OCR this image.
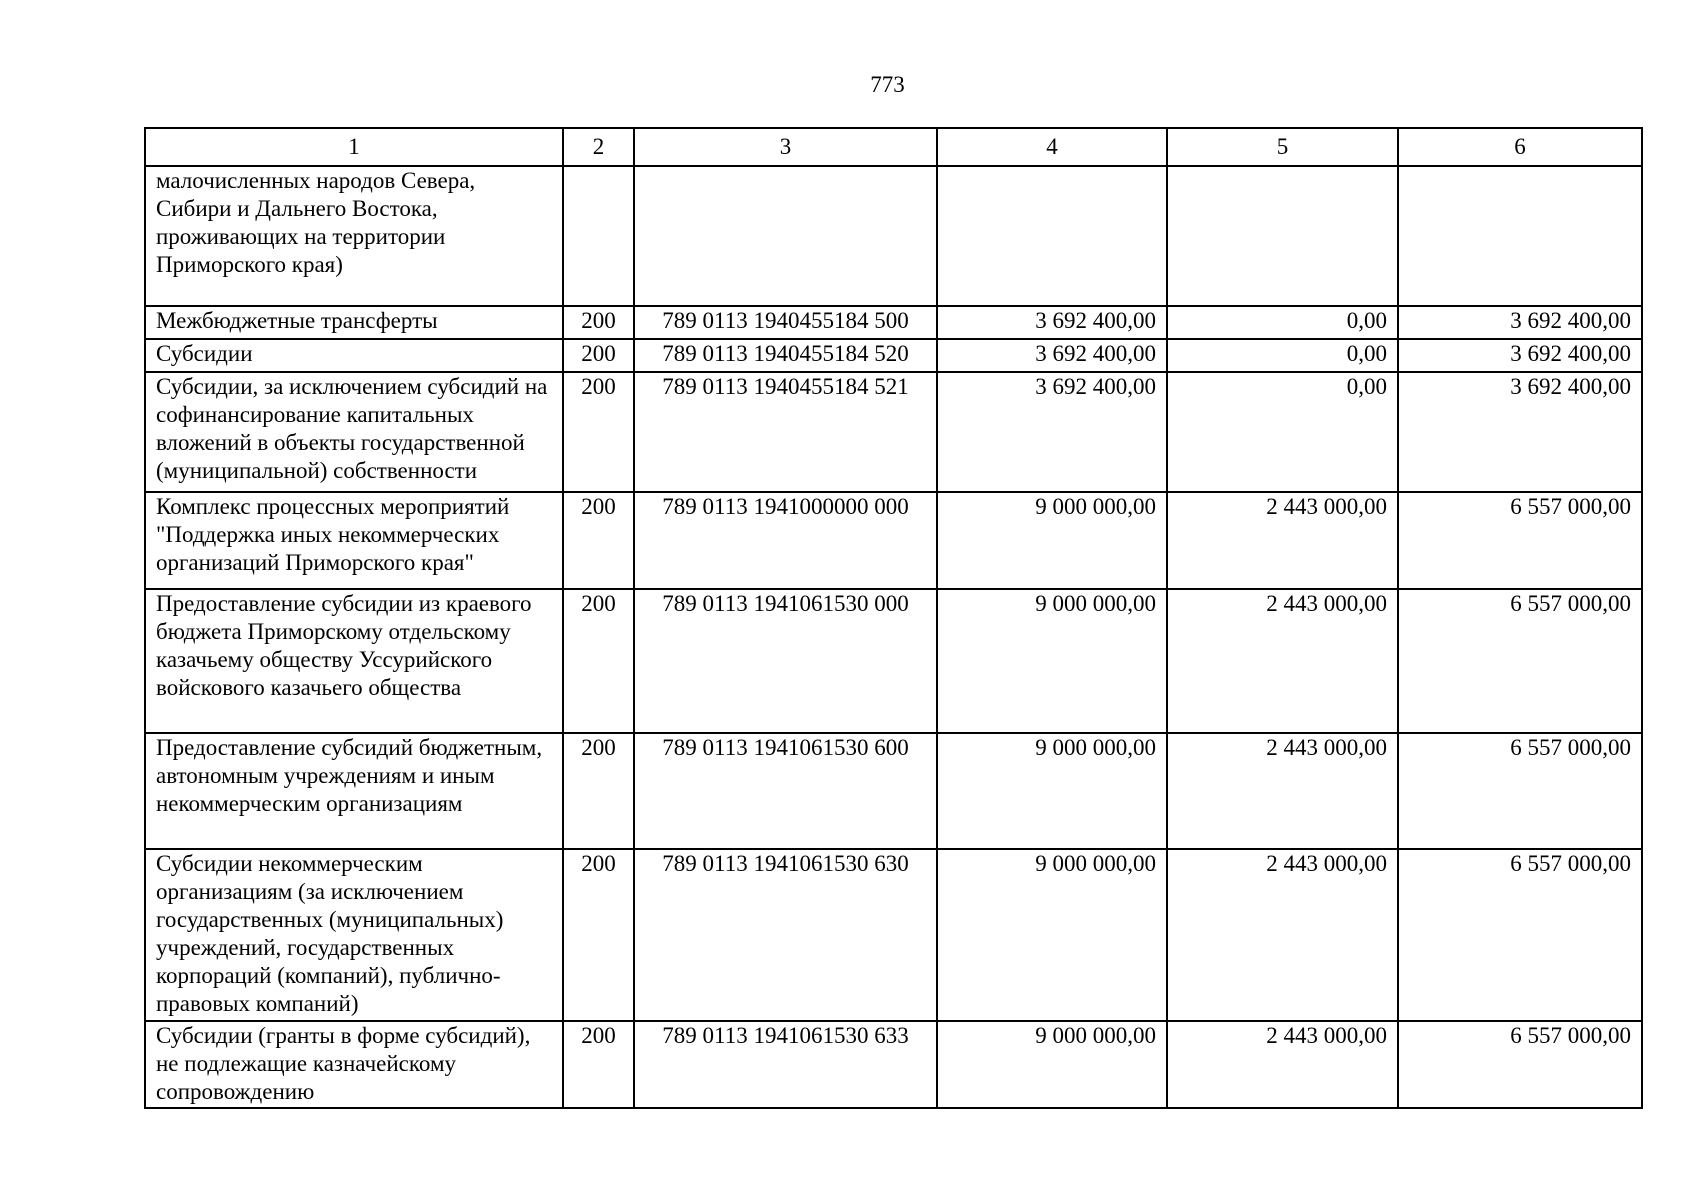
773
1	2	3	4	5	6
малочисленных народов Севера, Сибири и Дальнего Востока, проживающих на территории Приморского края)					
Межбюджетные трансферты	200	789 0113 1940455184 500	3 692 400,00	0,00	3 692 400,00
Субсидии	200	789 0113 1940455184 520	3 692 400,00	0,00	3 692 400,00
Субсидии, за исключением субсидий на софинансирование капитальных вложений в объекты государственной (муниципальной) собственности	200	789 0113 1940455184 521	3 692 400,00	0,00	3 692 400,00
Комплекс процессных мероприятий "Поддержка иных некоммерческих организаций Приморского края"	200	789 0113 1941000000 000	9 000 000,00	2 443 000,00	6 557 000,00
Предоставление субсидии из краевого бюджета Приморскому отдельскому казачьему обществу Уссурийского войскового казачьего общества	200	789 0113 1941061530 000	9 000 000,00	2 443 000,00	6 557 000,00
Предоставление субсидий бюджетным, автономным учреждениям и иным некоммерческим организациям	200	789 0113 1941061530 600	9 000 000,00	2 443 000,00	6 557 000,00
Субсидии некоммерческим организациям (за исключением государственных (муниципальных) учреждений, государственных корпораций (компаний), публично-правовых компаний)	200	789 0113 1941061530 630	9 000 000,00	2 443 000,00	6 557 000,00
Субсидии (гранты в форме субсидий), не подлежащие казначейскому сопровождению	200	789 0113 1941061530 633	9 000 000,00	2 443 000,00	6 557 000,00
